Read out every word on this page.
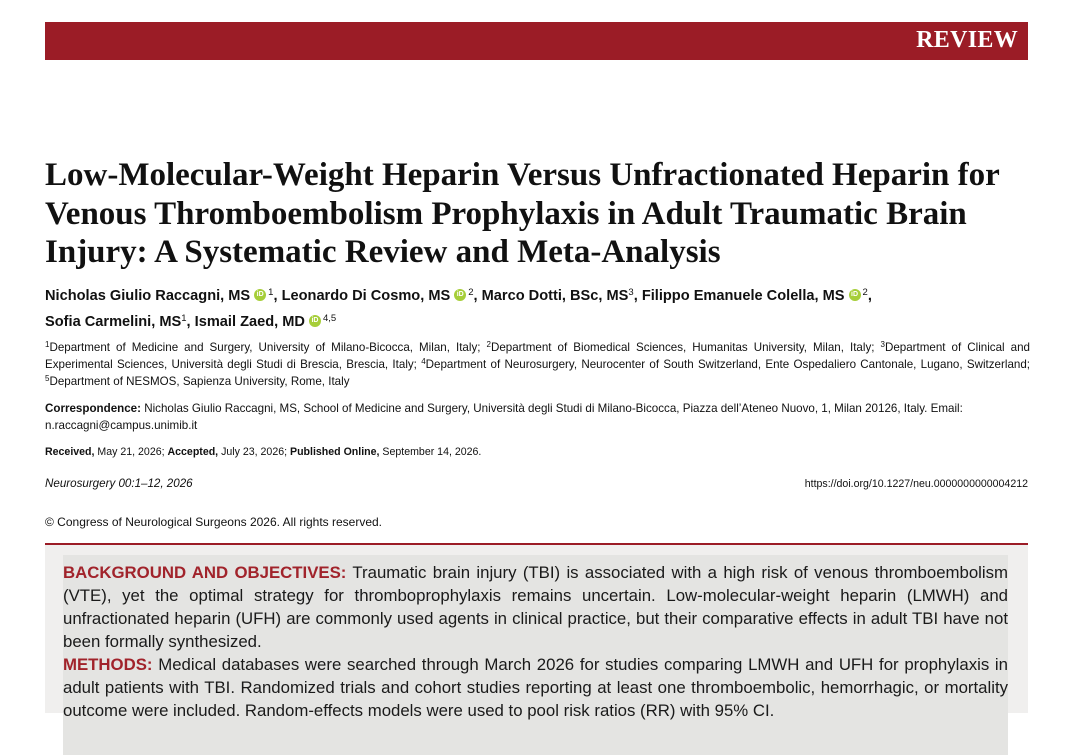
REVIEW
Low-Molecular-Weight Heparin Versus Unfractionated Heparin for Venous Thromboembolism Prophylaxis in Adult Traumatic Brain Injury: A Systematic Review and Meta-Analysis
Nicholas Giulio Raccagni, MS iD $^1$, Leonardo Di Cosmo, MS iD $^2$, Marco Dotti, BSc, MS$^3$, Filippo Emanuele Colella, MS iD $^2$,
Sofia Carmelini, MS$^1$, Ismail Zaed, MD iD $^{4,5}$
$^1$Department of Medicine and Surgery, University of Milano-Bicocca, Milan, Italy; $^2$Department of Biomedical Sciences, Humanitas University, Milan, Italy; $^3$Department of Clinical and Experimental Sciences, Università degli Studi di Brescia, Brescia, Italy; $^4$Department of Neurosurgery, Neurocenter of South Switzerland, Ente Ospedaliero Cantonale, Lugano, Switzerland; $^5$Department of NESMOS, Sapienza University, Rome, Italy
Correspondence: Nicholas Giulio Raccagni, MS, School of Medicine and Surgery, Università degli Studi di Milano-Bicocca, Piazza dell’Ateneo Nuovo, 1, Milan 20126, Italy. Email: n.raccagni@campus.unimib.it
Received, May 21, 2026; Accepted, July 23, 2026; Published Online, September 14, 2026.
Neurosurgery 00:1–12, 2026	https://doi.org/10.1227/neu.0000000000004212
© Congress of Neurological Surgeons 2026. All rights reserved.

BACKGROUND AND OBJECTIVES: Traumatic brain injury (TBI) is associated with a high risk of venous thromboembolism (VTE), yet the optimal strategy for thromboprophylaxis remains uncertain. Low-molecular-weight heparin (LMWH) and unfractionated heparin (UFH) are commonly used agents in clinical practice, but their comparative effects in adult TBI have not been formally synthesized.
METHODS: Medical databases were searched through March 2026 for studies comparing LMWH and UFH for prophylaxis in adult patients with TBI. Randomized trials and cohort studies reporting at least one thromboembolic, hemorrhagic, or mortality outcome were included. Random-effects models were used to pool risk ratios (RR) with 95% CI.
